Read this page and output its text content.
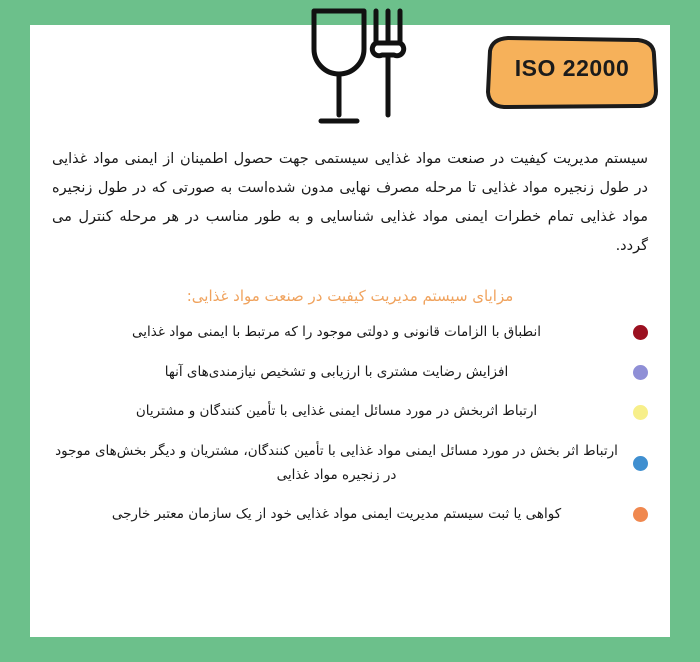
ISO 22000

سیستم مدیریت کیفیت در صنعت مواد غذایی سیستمی جهت حصول اطمینان از ایمنی مواد غذایی در طول زنجیره مواد غذایی تا مرحله مصرف نهایی مدون شده‌است به صورتی که در طول زنجیره مواد غذایی تمام خطرات ایمنی مواد غذایی شناسایی و به طور مناسب در هر مرحله کنترل می گردد.

مزایای سیستم مدیریت کیفیت در صنعت مواد غذایی:
انطباق با الزامات قانونی و دولتی موجود را که مرتبط با ایمنی مواد غذایی
افزایش رضایت مشتری با ارزیابی و تشخیص نیازمندی‌های آنها
ارتباط اثربخش در مورد مسائل ایمنی غذایی با تأمین کنندگان و مشتریان
ارتباط اثر بخش در مورد مسائل ایمنی مواد غذایی با تأمین کنندگان، مشتریان و دیگر بخش‌های موجود در زنجیره مواد غذایی
کواهی یا ثبت سیستم مدیریت ایمنی مواد غذایی خود از یک سازمان معتبر خارجی
